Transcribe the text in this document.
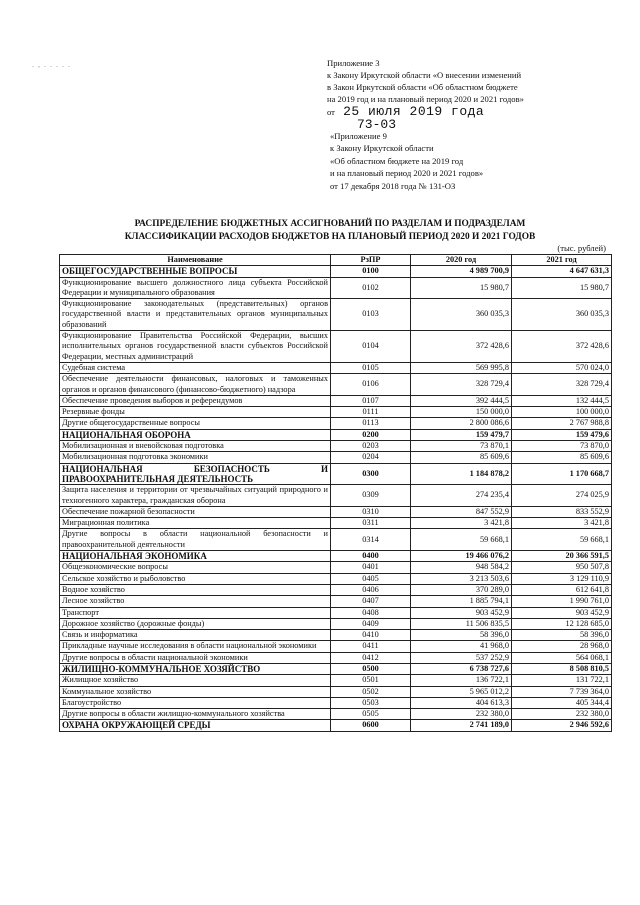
. , . . . . .	Приложение 3
к Закону Иркутской области «О внесении изменений
в Закон Иркутской области «Об областном бюджете
на 2019 год и на плановый период 2020 и 2021 годов»
от 25 июля 2019 года
73-03
«Приложение 9
к Закону Иркутской области
«Об областном бюджете на 2019 год
и на плановый период 2020 и 2021 годов»
от 17 декабря 2018 года № 131-ОЗ
РАСПРЕДЕЛЕНИЕ БЮДЖЕТНЫХ АССИГНОВАНИЙ ПО РАЗДЕЛАМ И ПОДРАЗДЕЛАМ
КЛАССИФИКАЦИИ РАСХОДОВ БЮДЖЕТОВ НА ПЛАНОВЫЙ ПЕРИОД 2020 И 2021 ГОДОВ
(тыс. рублей)
Наименование	РзПР	2020 год	2021 год
ОБЩЕГОСУДАРСТВЕННЫЕ ВОПРОСЫ	0100	4 989 700,9	4 647 631,3
Функционирование высшего должностного лица субъекта Российской Федерации и муниципального образования	0102	15 980,7	15 980,7
Функционирование законодательных (представительных) органов государственной власти и представительных органов муниципальных образований	0103	360 035,3	360 035,3
Функционирование Правительства Российской Федерации, высших исполнительных органов государственной власти субъектов Российской Федерации, местных администраций	0104	372 428,6	372 428,6
Судебная система	0105	569 995,8	570 024,0
Обеспечение деятельности финансовых, налоговых и таможенных органов и органов финансового (финансово-бюджетного) надзора	0106	328 729,4	328 729,4
Обеспечение проведения выборов и референдумов	0107	392 444,5	132 444,5
Резервные фонды	0111	150 000,0	100 000,0
Другие общегосударственные вопросы	0113	2 800 086,6	2 767 988,8
НАЦИОНАЛЬНАЯ ОБОРОНА	0200	159 479,7	159 479,6
Мобилизационная и вневойсковая подготовка	0203	73 870,1	73 870,0
Мобилизационная подготовка экономики	0204	85 609,6	85 609,6
НАЦИОНАЛЬНАЯ БЕЗОПАСНОСТЬ И ПРАВООХРАНИТЕЛЬНАЯ ДЕЯТЕЛЬНОСТЬ	0300	1 184 878,2	1 170 668,7
Защита населения и территории от чрезвычайных ситуаций природного и техногенного характера, гражданская оборона	0309	274 235,4	274 025,9
Обеспечение пожарной безопасности	0310	847 552,9	833 552,9
Миграционная политика	0311	3 421,8	3 421,8
Другие вопросы в области национальной безопасности и правоохранительной деятельности	0314	59 668,1	59 668,1
НАЦИОНАЛЬНАЯ ЭКОНОМИКА	0400	19 466 076,2	20 366 591,5
Общеэкономические вопросы	0401	948 584,2	950 507,8
Сельское хозяйство и рыболовство	0405	3 213 503,6	3 129 110,9
Водное хозяйство	0406	370 289,0	612 641,8
Лесное хозяйство	0407	1 885 794,1	1 990 761,0
Транспорт	0408	903 452,9	903 452,9
Дорожное хозяйство (дорожные фонды)	0409	11 506 835,5	12 128 685,0
Связь и информатика	0410	58 396,0	58 396,0
Прикладные научные исследования в области национальной экономики	0411	41 968,0	28 968,0
Другие вопросы в области национальной экономики	0412	537 252,9	564 068,1
ЖИЛИЩНО-КОММУНАЛЬНОЕ ХОЗЯЙСТВО	0500	6 738 727,6	8 508 810,5
Жилищное хозяйство	0501	136 722,1	131 722,1
Коммунальное хозяйство	0502	5 965 012,2	7 739 364,0
Благоустройство	0503	404 613,3	405 344,4
Другие вопросы в области жилищно-коммунального хозяйства	0505	232 380,0	232 380,0
ОХРАНА ОКРУЖАЮЩЕЙ СРЕДЫ	0600	2 741 189,0	2 946 592,6
